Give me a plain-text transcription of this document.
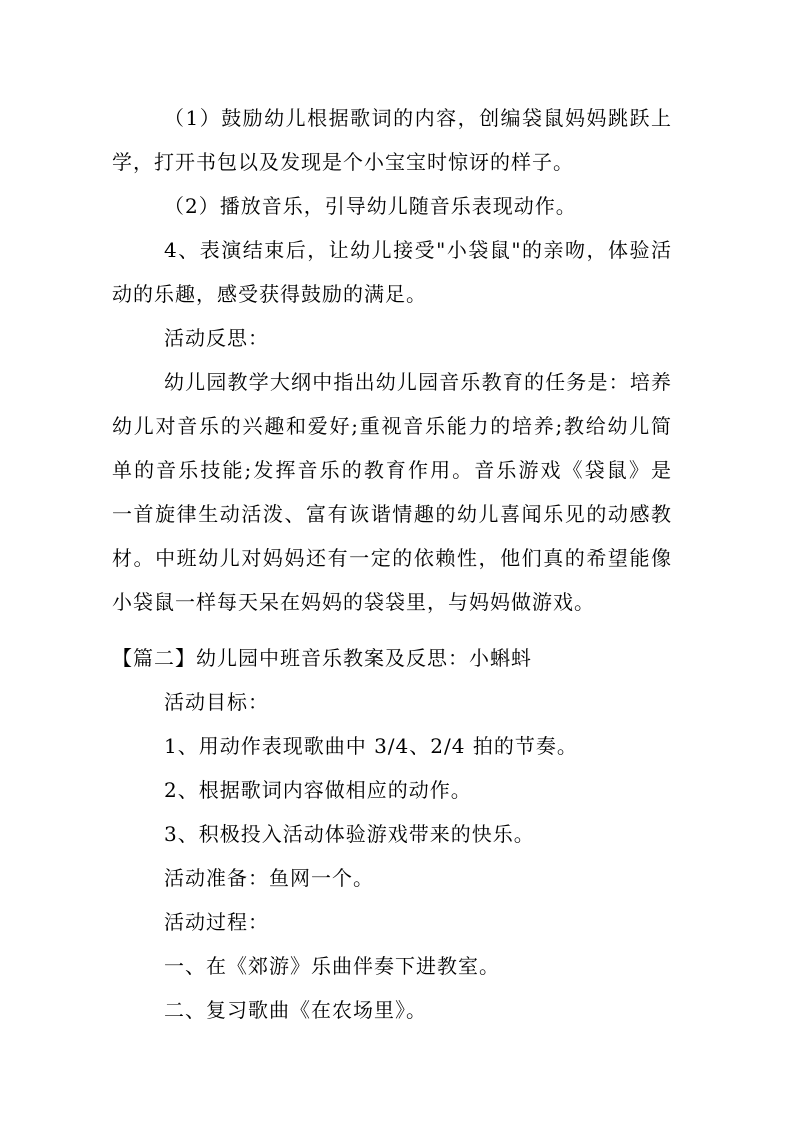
（1）鼓励幼儿根据歌词的内容，创编袋鼠妈妈跳跃上
学，打开书包以及发现是个小宝宝时惊讶的样子。
（2）播放音乐，引导幼儿随音乐表现动作。
4、表演结束后，让幼儿接受"小袋鼠"的亲吻，体验活
动的乐趣，感受获得鼓励的满足。
活动反思：
幼儿园教学大纲中指出幼儿园音乐教育的任务是：培养
幼儿对音乐的兴趣和爱好;重视音乐能力的培养;教给幼儿简
单的音乐技能;发挥音乐的教育作用。音乐游戏《袋鼠》是
一首旋律生动活泼、富有诙谐情趣的幼儿喜闻乐见的动感教
材。中班幼儿对妈妈还有一定的依赖性，他们真的希望能像
小袋鼠一样每天呆在妈妈的袋袋里，与妈妈做游戏。
【篇二】幼儿园中班音乐教案及反思：小蝌蚪
活动目标：
1、用动作表现歌曲中 3/4、2/4 拍的节奏。
2、根据歌词内容做相应的动作。
3、积极投入活动体验游戏带来的快乐。
活动准备：鱼网一个。
活动过程：
一、在《郊游》乐曲伴奏下进教室。
二、复习歌曲《在农场里》。
